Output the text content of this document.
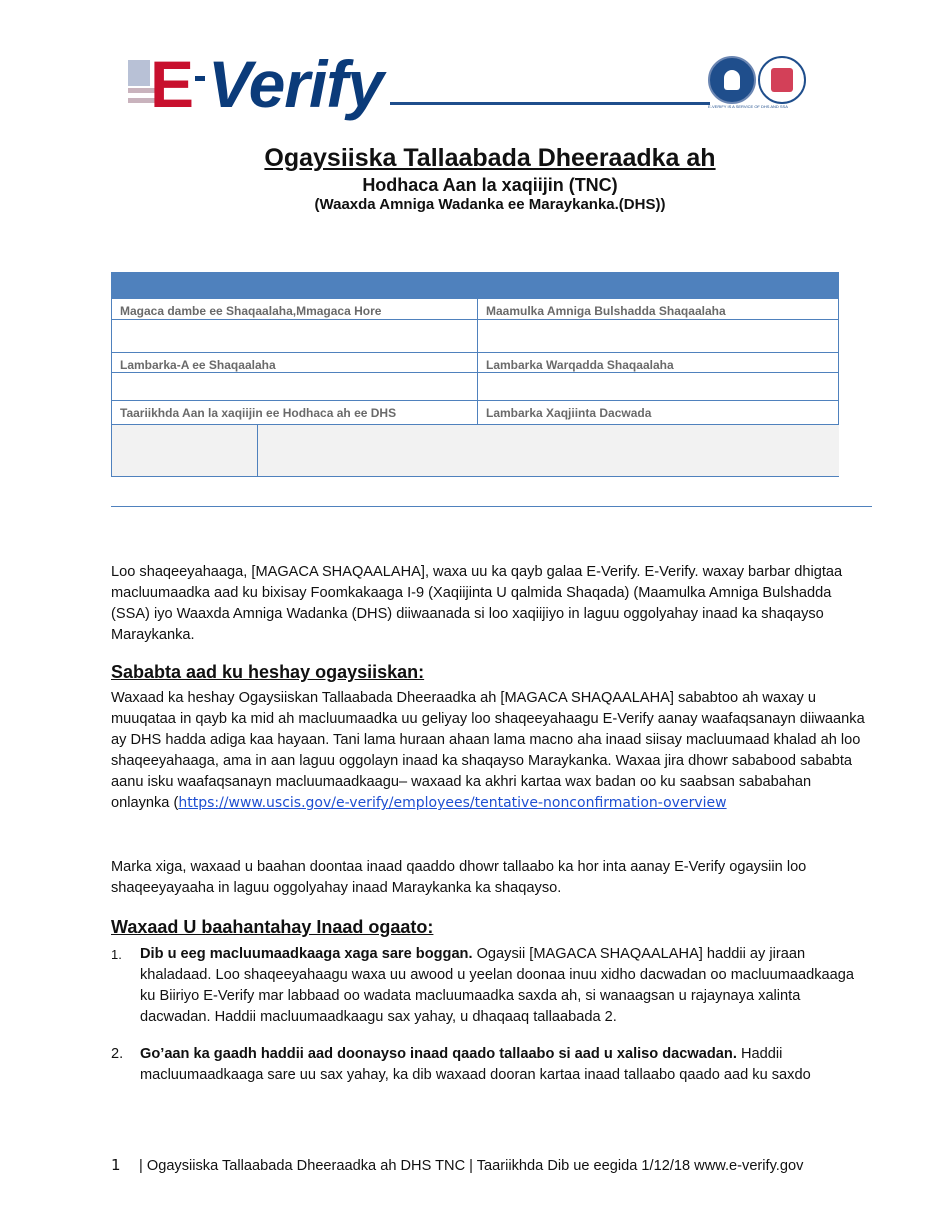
E Verify	E-VERIFY IS A SERVICE OF DHS AND SSA
Ogaysiiska Tallaabada Dheeraadka ah
Hodhaca Aan la xaqiijin (TNC)
(Waaxda Amniga Wadanka ee Maraykanka.(DHS))
Magaca dambe ee Shaqaalaha,Mmagaca Hore	Maamulka Amniga Bulshadda Shaqaalaha
Lambarka-A ee Shaqaalaha	Lambarka Warqadda Shaqaalaha
Taariikhda Aan la xaqiijin ee Hodhaca ah ee DHS	Lambarka Xaqjiinta Dacwada
Loo shaqeeyahaaga, [MAGACA SHAQAALAHA], waxa uu ka qayb galaa E-Verify. E-Verify. waxay barbar dhigtaa macluumaadka aad ku bixisay Foomkakaaga I-9 (Xaqiijinta U qalmida Shaqada) (Maamulka Amniga Bulshadda (SSA) iyo Waaxda Amniga Wadanka (DHS) diiwaanada si loo xaqiijiyo in laguu oggolyahay inaad ka shaqayso Maraykanka.
Sababta aad ku heshay ogaysiiskan:
Waxaad ka heshay Ogaysiiskan Tallaabada Dheeraadka ah [MAGACA SHAQAALAHA] sababtoo ah waxay u muuqataa in qayb ka mid ah macluumaadka uu geliyay loo shaqeeyahaagu E-Verify aanay waafaqsanayn diiwaanka ay DHS hadda adiga kaa hayaan. Tani lama huraan ahaan lama macno aha inaad siisay macluumaad khalad ah loo shaqeeyahaaga, ama in aan laguu oggolayn inaad ka shaqayso Maraykanka. Waxaa jira dhowr sababood sababta aanu isku waafaqsanayn macluumaadkaagu– waxaad ka akhri kartaa wax badan oo ku saabsan sababahan onlaynka (https://www.uscis.gov/e-verify/employees/tentative-nonconfirmation-overview
Marka xiga, waxaad u baahan doontaa inaad qaaddo dhowr tallaabo ka hor inta aanay E-Verify ogaysiin loo shaqeeyayaaha in laguu oggolyahay inaad Maraykanka ka shaqayso.
Waxaad U baahantahay Inaad ogaato:
1. Dib u eeg macluumaadkaaga xaga sare boggan. Ogaysii [MAGACA SHAQAALAHA] haddii ay jiraan khaladaad. Loo shaqeeyahaagu waxa uu awood u yeelan doonaa inuu xidho dacwadan oo macluumaadkaaga ku Biiriyo E-Verify mar labbaad oo wadata macluumaadka saxda ah, si wanaagsan u rajaynaya xalinta dacwadan. Haddii macluumaadkaagu sax yahay, u dhaqaaq tallaabada 2.
2. Go’aan ka gaadh haddii aad doonayso inaad qaado tallaabo si aad u xaliso dacwadan. Haddii macluumaadkaaga sare uu sax yahay, ka dib waxaad dooran kartaa inaad tallaabo qaado aad ku saxdo
1 | Ogaysiiska Tallaabada Dheeraadka ah DHS TNC | Taariikhda Dib ue eegida 1/12/18 www.e-verify.gov
